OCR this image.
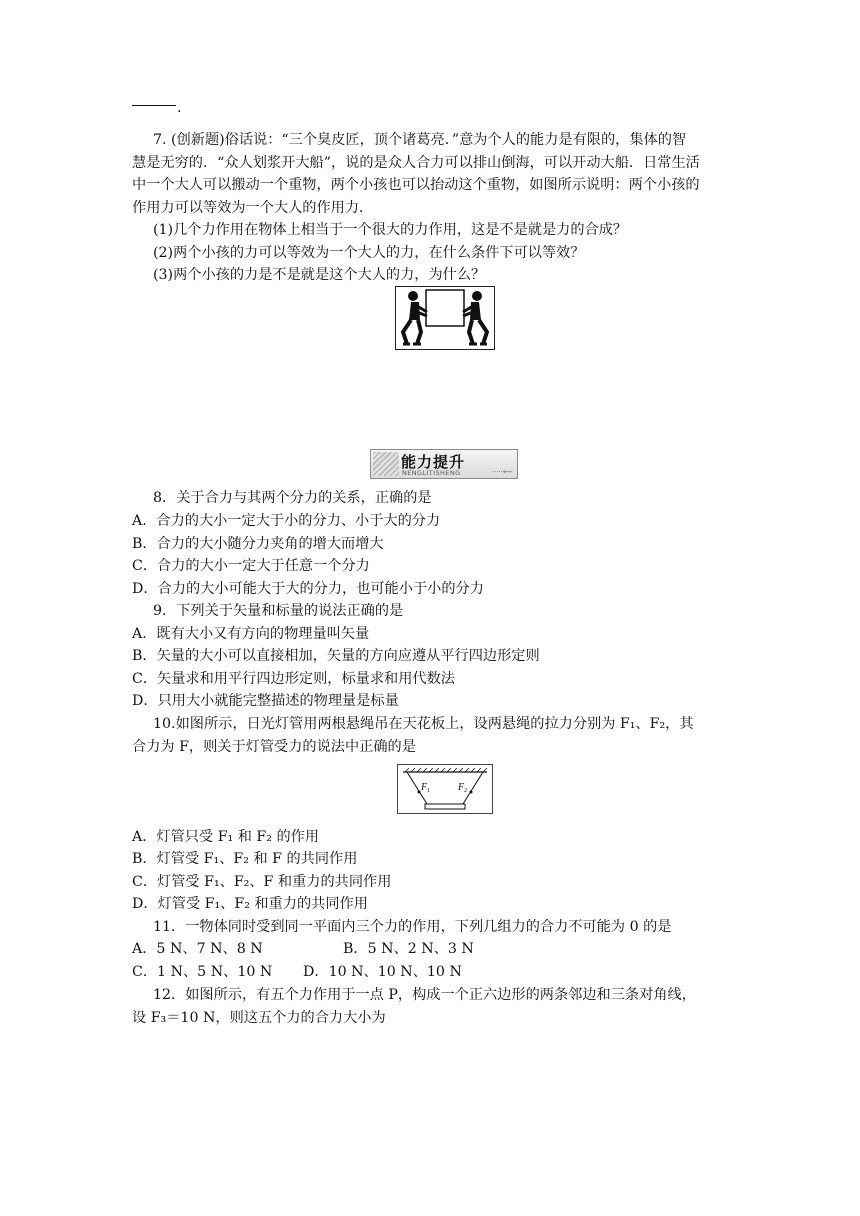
.
7. (创新题)俗话说：“三个臭皮匠，顶个诸葛亮．”意为个人的能力是有限的，集体的智
慧是无穷的．“众人划浆开大船”，说的是众人合力可以排山倒海，可以开动大船．日常生活
中一个大人可以搬动一个重物，两个小孩也可以抬动这个重物，如图所示说明：两个小孩的
作用力可以等效为一个大人的作用力．
(1)几个力作用在物体上相当于一个很大的力作用，这是不是就是力的合成？
(2)两个小孩的力可以等效为一个大人的力，在什么条件下可以等效？
(3)两个小孩的力是不是就是这个大人的力，为什么？
能力提升
NENGLITISHENG	·····⟵
8．关于合力与其两个分力的关系，正确的是
A．合力的大小一定大于小的分力、小于大的分力
B．合力的大小随分力夹角的增大而增大
C．合力的大小一定大于任意一个分力
D．合力的大小可能大于大的分力，也可能小于小的分力
9．下列关于矢量和标量的说法正确的是
A．既有大小又有方向的物理量叫矢量
B．矢量的大小可以直接相加，矢量的方向应遵从平行四边形定则
C．矢量求和用平行四边形定则，标量求和用代数法
D．只用大小就能完整描述的物理量是标量
10.如图所示，日光灯管用两根悬绳吊在天花板上，设两悬绳的拉力分别为 F₁、F₂，其
合力为 F，则关于灯管受力的说法中正确的是
F 1	F 2
A．灯管只受 F₁ 和 F₂ 的作用
B．灯管受 F₁、F₂ 和 F 的共同作用
C．灯管受 F₁、F₂、F 和重力的共同作用
D．灯管受 F₁、F₂ 和重力的共同作用
11．一物体同时受到同一平面内三个力的作用，下列几组力的合力不可能为 0 的是
A．5 N、7 N、8 N	B．5 N、2 N、3 N
C．1 N、5 N、10 N D．10 N、10 N、10 N
12．如图所示，有五个力作用于一点 P，构成一个正六边形的两条邻边和三条对角线，
设 F₃＝10 N，则这五个力的合力大小为
